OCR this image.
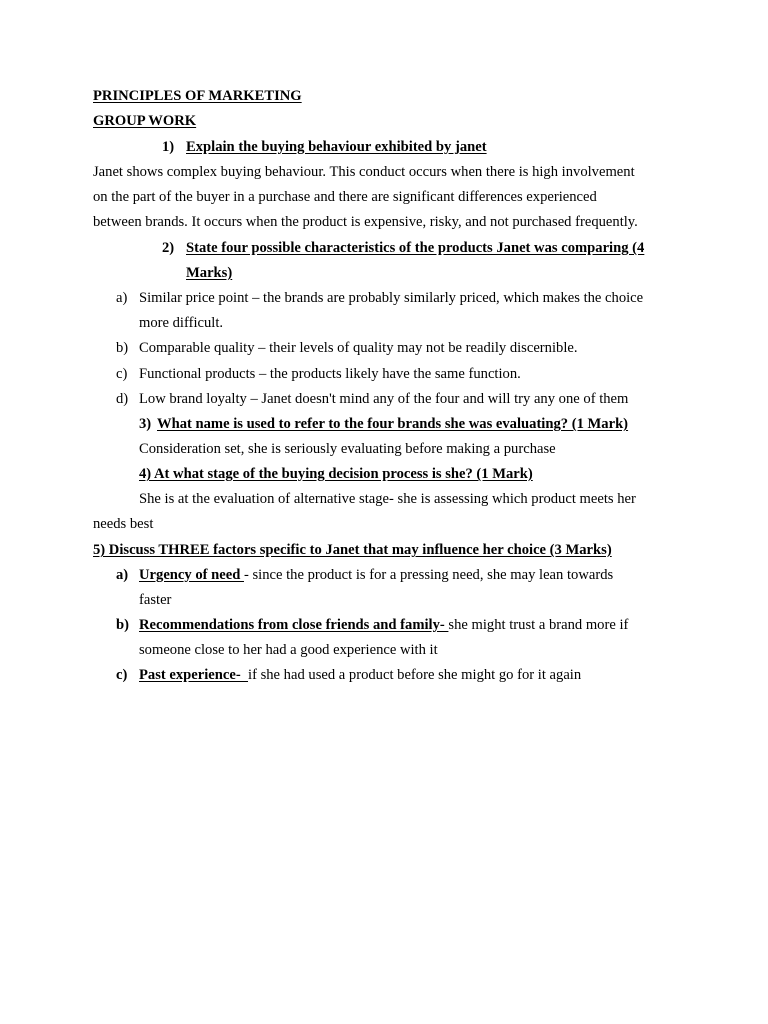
PRINCIPLES OF MARKETING
GROUP WORK
1) Explain the buying behaviour exhibited by janet
Janet shows complex buying behaviour. This conduct occurs when there is high involvement
on the part of the buyer in a purchase and there are significant differences experienced
between brands. It occurs when the product is expensive, risky, and not purchased frequently.
2) State four possible characteristics of the products Janet was comparing (4
Marks)
a) Similar price point – the brands are probably similarly priced, which makes the choice
more difficult.
b) Comparable quality – their levels of quality may not be readily discernible.
c) Functional products – the products likely have the same function.
d) Low brand loyalty – Janet doesn't mind any of the four and will try any one of them
3) What name is used to refer to the four brands she was evaluating? (1 Mark)
Consideration set, she is seriously evaluating before making a purchase
4) At what stage of the buying decision process is she? (1 Mark)
She is at the evaluation of alternative stage- she is assessing which product meets her
needs best
5) Discuss THREE factors specific to Janet that may influence her choice (3 Marks)
a) Urgency of need - since the product is for a pressing need, she may lean towards
faster
b) Recommendations from close friends and family- she might trust a brand more if
someone close to her had a good experience with it
c) Past experience-  if she had used a product before she might go for it again
